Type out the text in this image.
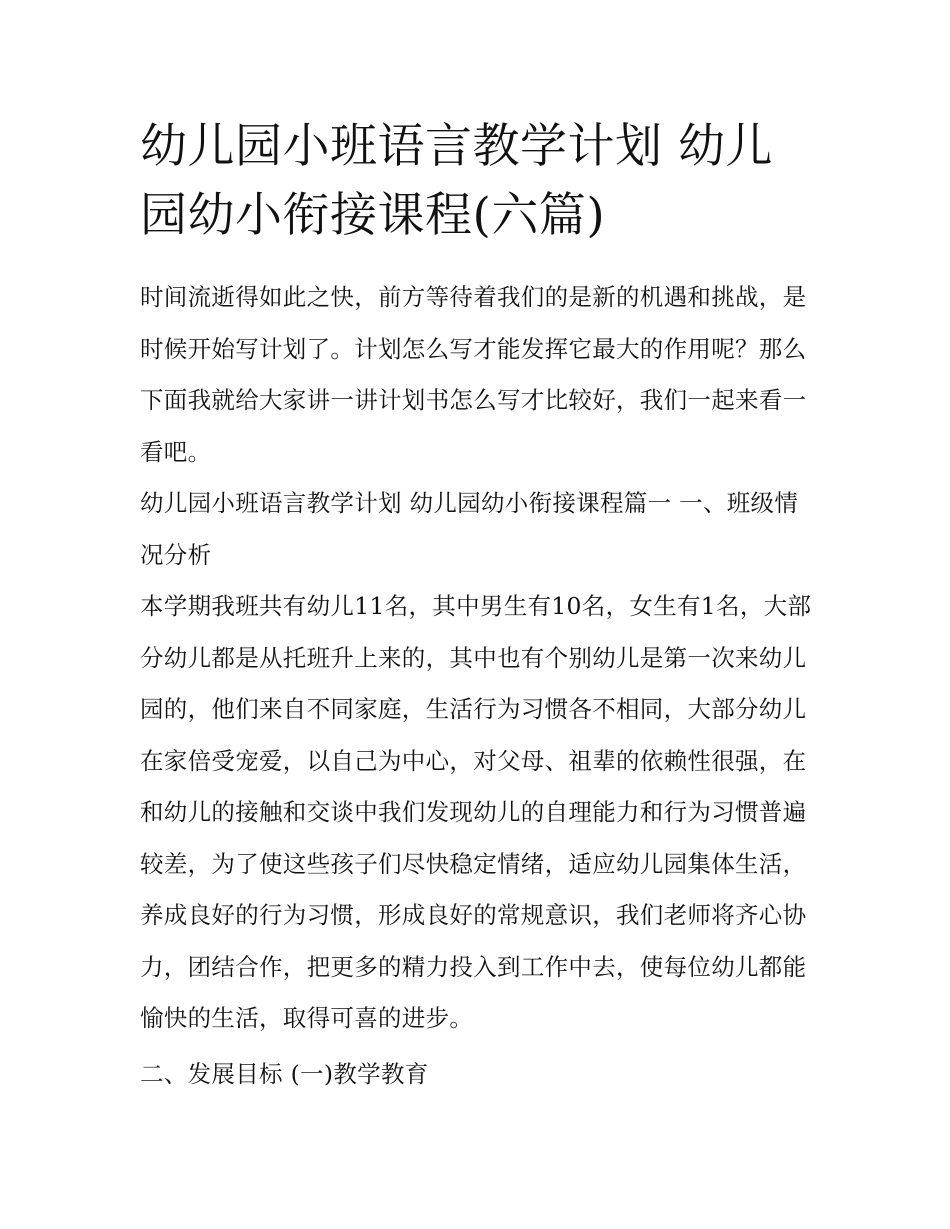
幼儿园小班语言教学计划 幼儿园幼小衔接课程(六篇)

时间流逝得如此之快，前方等待着我们的是新的机遇和挑战，是时候开始写计划了。计划怎么写才能发挥它最大的作用呢？那么下面我就给大家讲一讲计划书怎么写才比较好，我们一起来看一看吧。

幼儿园小班语言教学计划 幼儿园幼小衔接课程篇一 一、班级情况分析

本学期我班共有幼儿11名，其中男生有10名，女生有1名，大部分幼儿都是从托班升上来的，其中也有个别幼儿是第一次来幼儿园的，他们来自不同家庭，生活行为习惯各不相同，大部分幼儿在家倍受宠爱，以自己为中心，对父母、祖辈的依赖性很强，在和幼儿的接触和交谈中我们发现幼儿的自理能力和行为习惯普遍较差，为了使这些孩子们尽快稳定情绪，适应幼儿园集体生活，养成良好的行为习惯，形成良好的常规意识，我们老师将齐心协力，团结合作，把更多的精力投入到工作中去，使每位幼儿都能愉快的生活，取得可喜的进步。

二、发展目标 (一)教学教育
